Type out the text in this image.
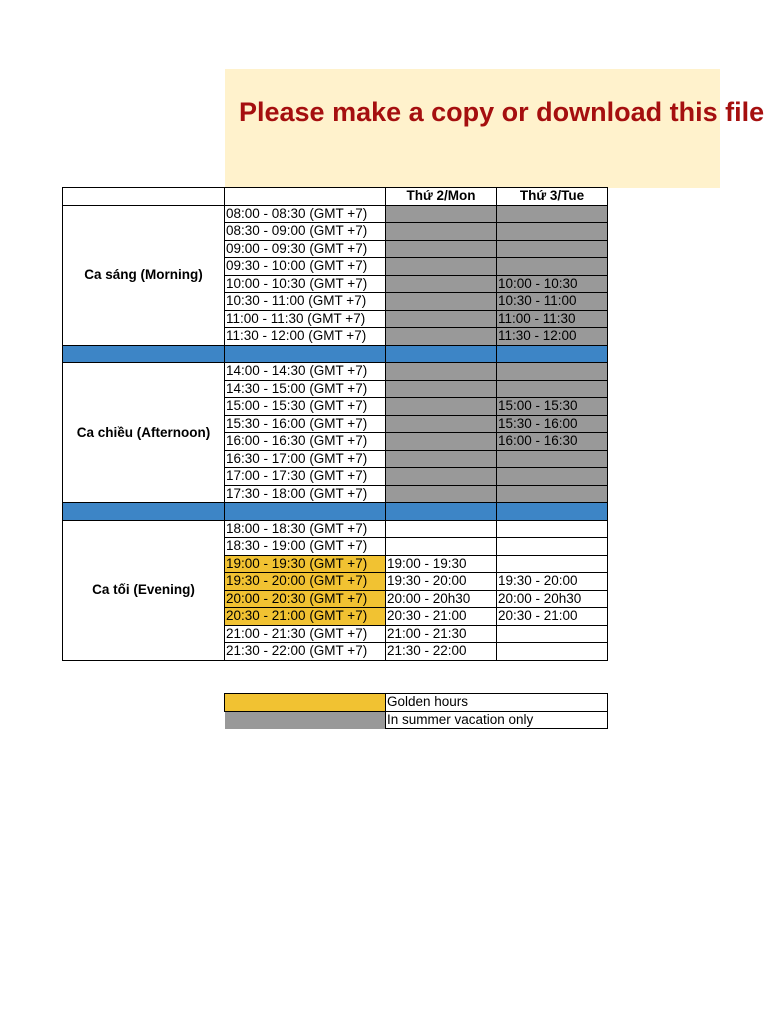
Please make a copy or download this file
		Thứ 2/Mon	Thứ 3/Tue
Ca sáng (Morning)	08:00 - 08:30 (GMT +7)		
	08:30 - 09:00 (GMT +7)		
	09:00 - 09:30 (GMT +7)		
	09:30 - 10:00 (GMT +7)		
	10:00 - 10:30 (GMT +7)		10:00 - 10:30
	10:30 - 11:00 (GMT +7)		10:30 - 11:00
	11:00 - 11:30 (GMT +7)		11:00 - 11:30
	11:30 - 12:00 (GMT +7)		11:30 - 12:00

Ca chiều (Afternoon)	14:00 - 14:30 (GMT +7)		
	14:30 - 15:00 (GMT +7)		
	15:00 - 15:30 (GMT +7)		15:00 - 15:30
	15:30 - 16:00 (GMT +7)		15:30 - 16:00
	16:00 - 16:30 (GMT +7)		16:00 - 16:30
	16:30 - 17:00 (GMT +7)		
	17:00 - 17:30 (GMT +7)		
	17:30 - 18:00 (GMT +7)		

Ca tối (Evening)	18:00 - 18:30 (GMT +7)		
	18:30 - 19:00 (GMT +7)		
	19:00 - 19:30 (GMT +7)	19:00 - 19:30	
	19:30 - 20:00 (GMT +7)	19:30 - 20:00	19:30 - 20:00
	20:00 - 20:30 (GMT +7)	20:00 - 20h30	20:00 - 20h30
	20:30 - 21:00 (GMT +7)	20:30 - 21:00	20:30 - 21:00
	21:00 - 21:30 (GMT +7)	21:00 - 21:30	
	21:30 - 22:00 (GMT +7)	21:30 - 22:00	
	Golden hours
	In summer vacation only
